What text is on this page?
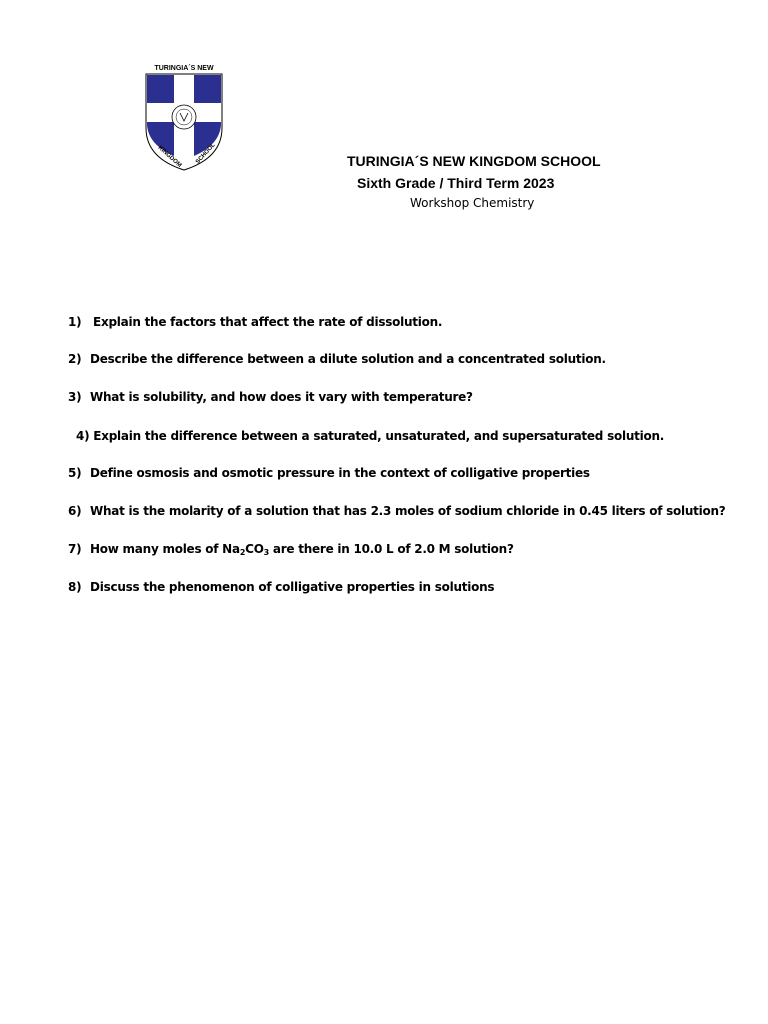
TURINGIA´S NEW
KINGDOM SCHOOL	TURINGIA´S NEW KINGDOM SCHOOL
Sixth Grade / Third Term 2023
Workshop Chemistry
1) Explain the factors that affect the rate of dissolution.
2) Describe the difference between a dilute solution and a concentrated solution.
3) What is solubility, and how does it vary with temperature?
4) Explain the difference between a saturated, unsaturated, and supersaturated solution.
5) Define osmosis and osmotic pressure in the context of colligative properties
6) What is the molarity of a solution that has 2.3 moles of sodium chloride in 0.45 liters of solution?
7) How many moles of $Na_2CO_3$ are there in 10.0 L of 2.0 M solution?
8) Discuss the phenomenon of colligative properties in solutions
